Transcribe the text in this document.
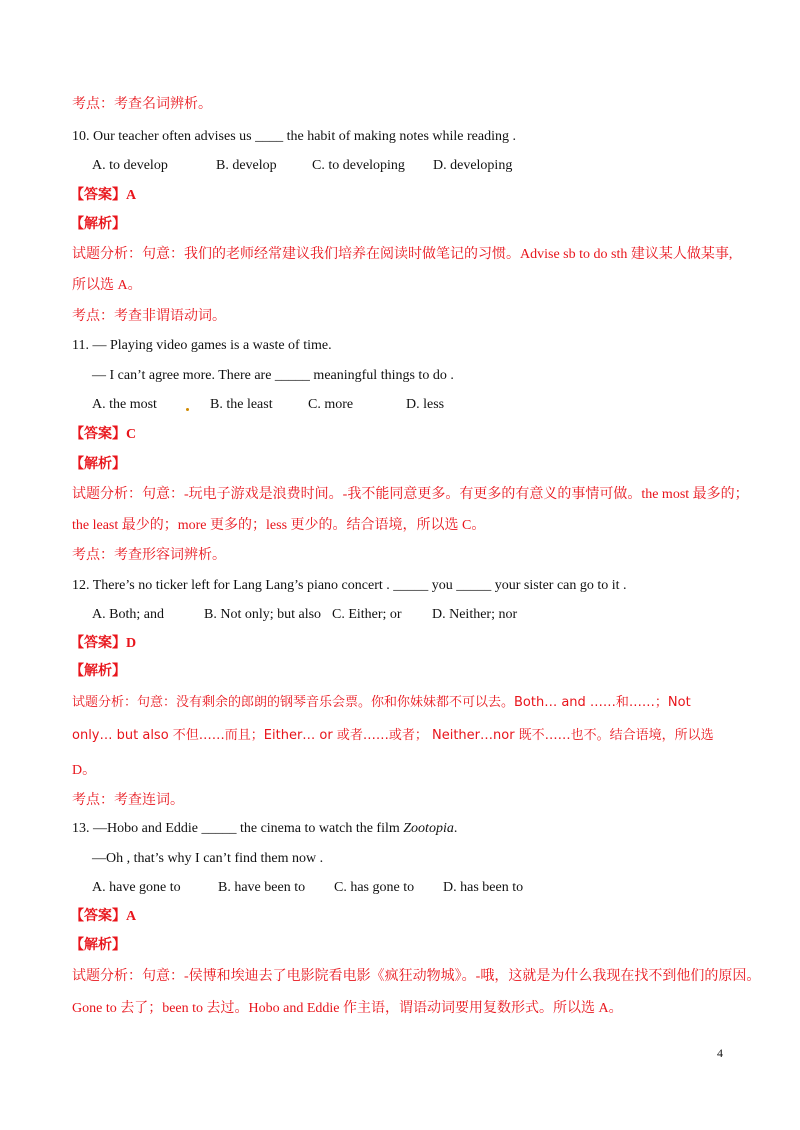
考点：考查名词辨析。
10. Our teacher often advises us ____ the habit of making notes while reading .
A. to develop	B. develop	C. to developing D. developing
【答案】A
【解析】
试题分析：句意：我们的老师经常建议我们培养在阅读时做笔记的习惯。Advise sb to do sth 建议某人做某事,
所以选 A。
考点：考查非谓语动词。
11. — Playing video games is a waste of time.
— I can’t agree more. There are _____ meaningful things to do .
A. the most	B. the least	C. more	D. less
【答案】C
【解析】
试题分析：句意：-玩电子游戏是浪费时间。-我不能同意更多。有更多的有意义的事情可做。the most 最多的；
the least 最少的；more 更多的；less 更少的。结合语境，所以选 C。
考点：考查形容词辨析。
12. There’s no ticker left for Lang Lang’s piano concert . _____ you _____ your sister can go to it .
A. Both; and	B. Not only; but also C. Either; or D. Neither; nor
【答案】D
【解析】
试题分析：句意：没有剩余的郎朗的钢琴音乐会票。你和你妹妹都不可以去。Both… and ……和……；Not
only… but also 不但……而且；Either… or 或者……或者； Neither…nor 既不……也不。结合语境，所以选
D。
考点：考查连词。
13. —Hobo and Eddie _____ the cinema to watch the film Zootopia.
—Oh , that’s why I can’t find them now .
A. have gone to	B. have been to C. has gone to D. has been to
【答案】A
【解析】
试题分析：句意：-侯博和埃迪去了电影院看电影《疯狂动物城》。-哦，这就是为什么我现在找不到他们的原因。
Gone to 去了；been to 去过。Hobo and Eddie 作主语，谓语动词要用复数形式。所以选 A。
4
